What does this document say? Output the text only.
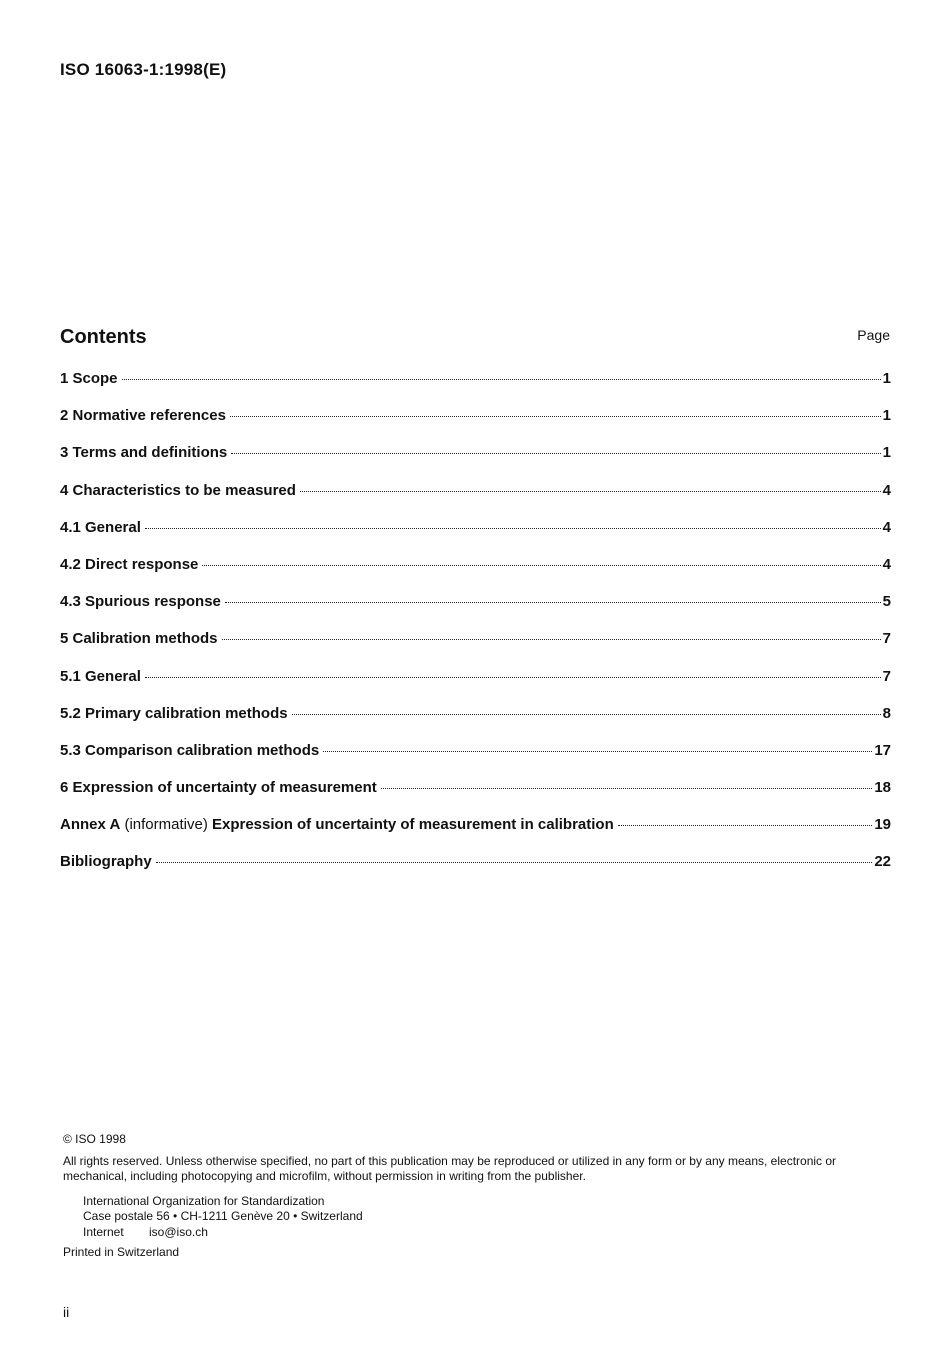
ISO 16063-1:1998(E)
Contents	Page
1 Scope	1
2 Normative references	1
3 Terms and definitions	1
4 Characteristics to be measured	4
4.1 General	4
4.2 Direct response	4
4.3 Spurious response	5
5 Calibration methods	7
5.1 General	7
5.2 Primary calibration methods	8
5.3 Comparison calibration methods	17
6 Expression of uncertainty of measurement	18
Annex A (informative) Expression of uncertainty of measurement in calibration	19
Bibliography	22
© ISO 1998
All rights reserved. Unless otherwise specified, no part of this publication may be reproduced or utilized in any form or by any means, electronic or mechanical, including photocopying and microfilm, without permission in writing from the publisher.
International Organization for Standardization
Case postale 56 • CH-1211 Genève 20 • Switzerland
Internet iso@iso.ch
Printed in Switzerland
ii
